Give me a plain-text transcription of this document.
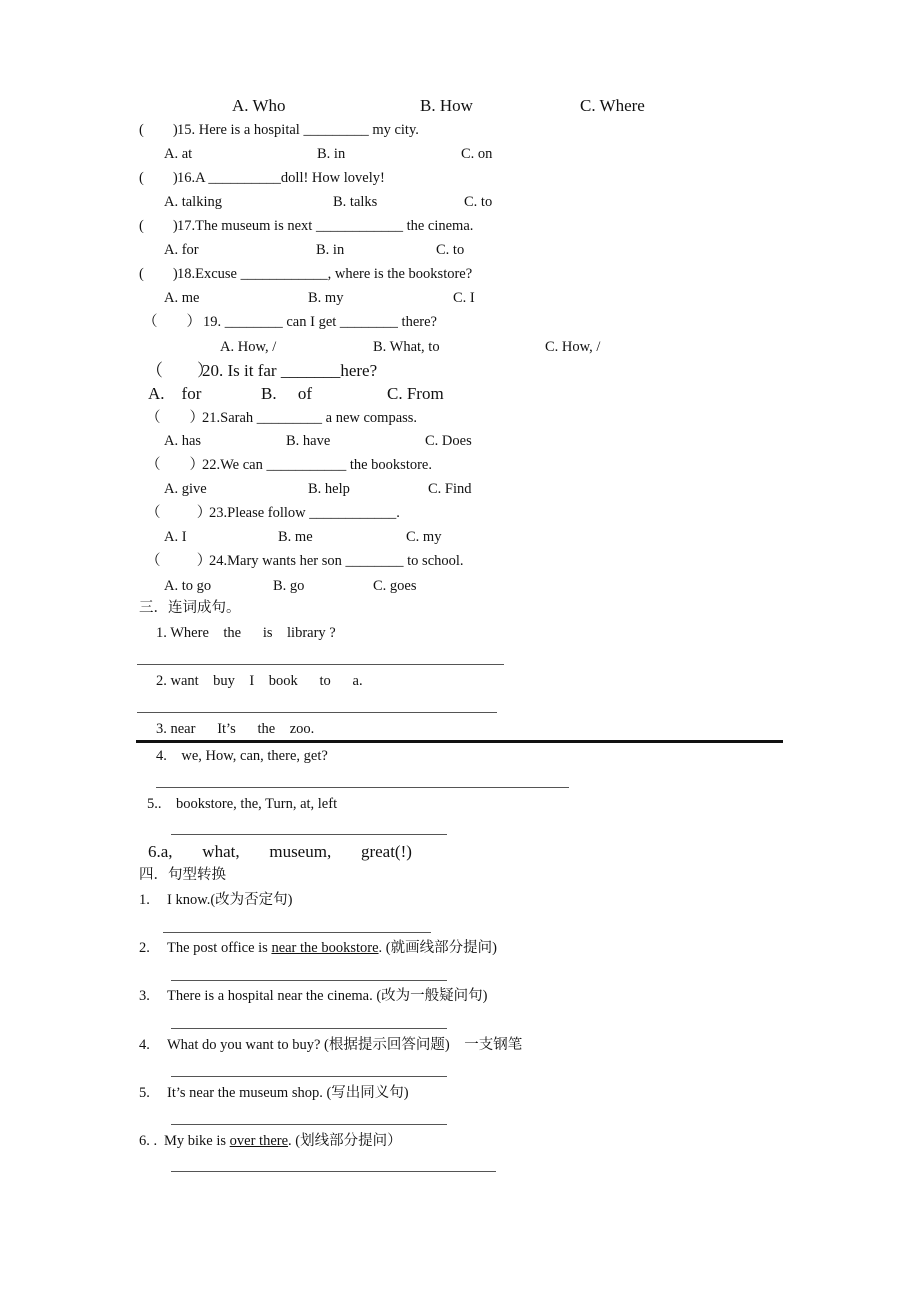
A. Who	B. How	C. Where
(        ) 15. Here is a hospital _________ my city.
A. at	B. in	C. on
(        ) 16.A __________doll! How lovely!
A. talking	B. talks	C. to
(        ) 17.The museum is next ____________ the cinema.
A. for	B. in	C. to
(        ) 18.Excuse ____________, where is the bookstore?
A. me	B. my	C. I
（        ） 19. ________ can I get ________ there?
A. How, /	B. What, to	C. How, /
（        ）
20. Is it far _______here?
A.    for	B.     of	C. From
（        ）
21.Sarah _________ a new compass.
A. has	B. have	C. Does
（        ）
22.We can ___________ the bookstore.
A. give	B. help	C. Find
（          ）
23.Please follow ____________.
A. I	B. me	C. my
（          ）
24.Mary wants her son ________ to school.
A. to go	B. go	C. goes
三．连词成句。
1. Where    the      is    library ?
2. want    buy    I    book      to      a.
3. near      It’s      the    zoo.
4.    we, How, can, there, get?
5..    bookstore, the, Turn, at, left
6.a,       what,       museum,       great(!)
四．句型转换
1. I know.(改为否定句)
2. The post office is near the bookstore. (就画线部分提问)
3. There is a hospital near the cinema. (改为一般疑问句)
4. What do you want to buy? (根据提示回答问题)    一支钢笔
5. It’s near the museum shop. (写出同义句)
6. . My bike is over there. (划线部分提问）
